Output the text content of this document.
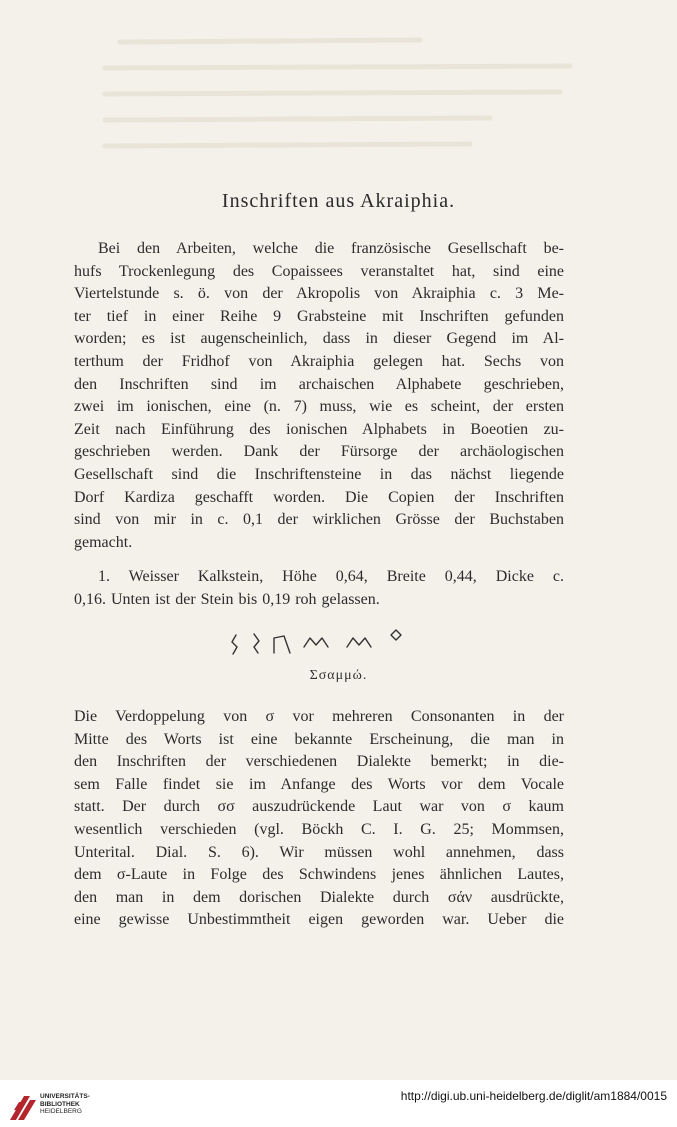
Inschriften aus Akraiphia.
Bei den Arbeiten, welche die französische Gesellschaft be-
hufs Trockenlegung des Copaissees veranstaltet hat, sind eine
Viertelstunde s. ö. von der Akropolis von Akraiphia c. 3 Me-
ter tief in einer Reihe 9 Grabsteine mit Inschriften gefunden
worden; es ist augenscheinlich, dass in dieser Gegend im Al-
terthum der Fridhof von Akraiphia gelegen hat. Sechs von
den Inschriften sind im archaischen Alphabete geschrieben,
zwei im ionischen, eine (n. 7) muss, wie es scheint, der ersten
Zeit nach Einführung des ionischen Alphabets in Boeotien zu-
geschrieben werden. Dank der Fürsorge der archäologischen
Gesellschaft sind die Inschriftensteine in das nächst liegende
Dorf Kardiza geschafft worden. Die Copien der Inschriften
sind von mir in c. 0,1 der wirklichen Grösse der Buchstaben
gemacht.
1. Weisser Kalkstein, Höhe 0,64, Breite 0,44, Dicke c.
0,16. Unten ist der Stein bis 0,19 roh gelassen.
Σσαμμώ.
Die Verdoppelung von σ vor mehreren Consonanten in der
Mitte des Worts ist eine bekannte Erscheinung, die man in
den Inschriften der verschiedenen Dialekte bemerkt; in die-
sem Falle findet sie im Anfange des Worts vor dem Vocale
statt. Der durch σσ auszudrückende Laut war von σ kaum
wesentlich verschieden (vgl. Böckh C. I. G. 25; Mommsen,
Unterital. Dial. S. 6). Wir müssen wohl annehmen, dass
dem σ-Laute in Folge des Schwindens jenes ähnlichen Lautes,
den man in dem dorischen Dialekte durch σάν ausdrückte,
eine gewisse Unbestimmtheit eigen geworden war. Ueber die
UNIVERSITÄTS-
BIBLIOTHEK
HEIDELBERG
http://digi.ub.uni-heidelberg.de/diglit/am1884/0015
